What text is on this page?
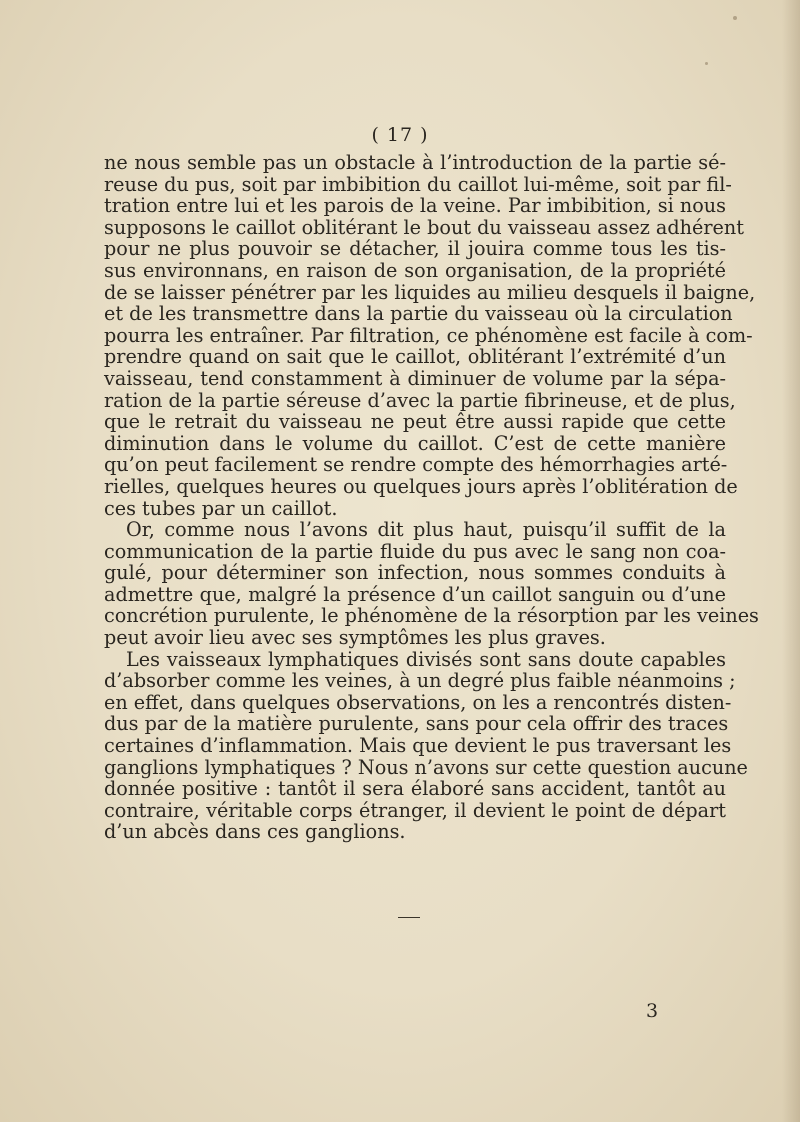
( 17 )
ne nous semble pas un obstacle à l’introduction de la partie sé-
reuse du pus, soit par imbibition du caillot lui-même, soit par fil-
tration entre lui et les parois de la veine. Par imbibition, si nous
supposons le caillot oblitérant le bout du vaisseau assez adhérent
pour ne plus pouvoir se détacher, il jouira comme tous les tis-
sus environnans, en raison de son organisation, de la propriété
de se laisser pénétrer par les liquides au milieu desquels il baigne,
et de les transmettre dans la partie du vaisseau où la circulation
pourra les entraîner. Par filtration, ce phénomène est facile à com-
prendre quand on sait que le caillot, oblitérant l’extrémité d’un
vaisseau, tend constamment à diminuer de volume par la sépa-
ration de la partie séreuse d’avec la partie fibrineuse, et de plus,
que le retrait du vaisseau ne peut être aussi rapide que cette
diminution dans le volume du caillot. C’est de cette manière
qu’on peut facilement se rendre compte des hémorrhagies arté-
rielles, quelques heures ou quelques jours après l’oblitération de
ces tubes par un caillot.
Or, comme nous l’avons dit plus haut, puisqu’il suffit de la
communication de la partie fluide du pus avec le sang non coa-
gulé, pour déterminer son infection, nous sommes conduits à
admettre que, malgré la présence d’un caillot sanguin ou d’une
concrétion purulente, le phénomène de la résorption par les veines
peut avoir lieu avec ses symptômes les plus graves.
Les vaisseaux lymphatiques divisés sont sans doute capables
d’absorber comme les veines, à un degré plus faible néanmoins ;
en effet, dans quelques observations, on les a rencontrés disten-
dus par de la matière purulente, sans pour cela offrir des traces
certaines d’inflammation. Mais que devient le pus traversant les
ganglions lymphatiques ? Nous n’avons sur cette question aucune
donnée positive : tantôt il sera élaboré sans accident, tantôt au
contraire, véritable corps étranger, il devient le point de départ
d’un abcès dans ces ganglions.
3
